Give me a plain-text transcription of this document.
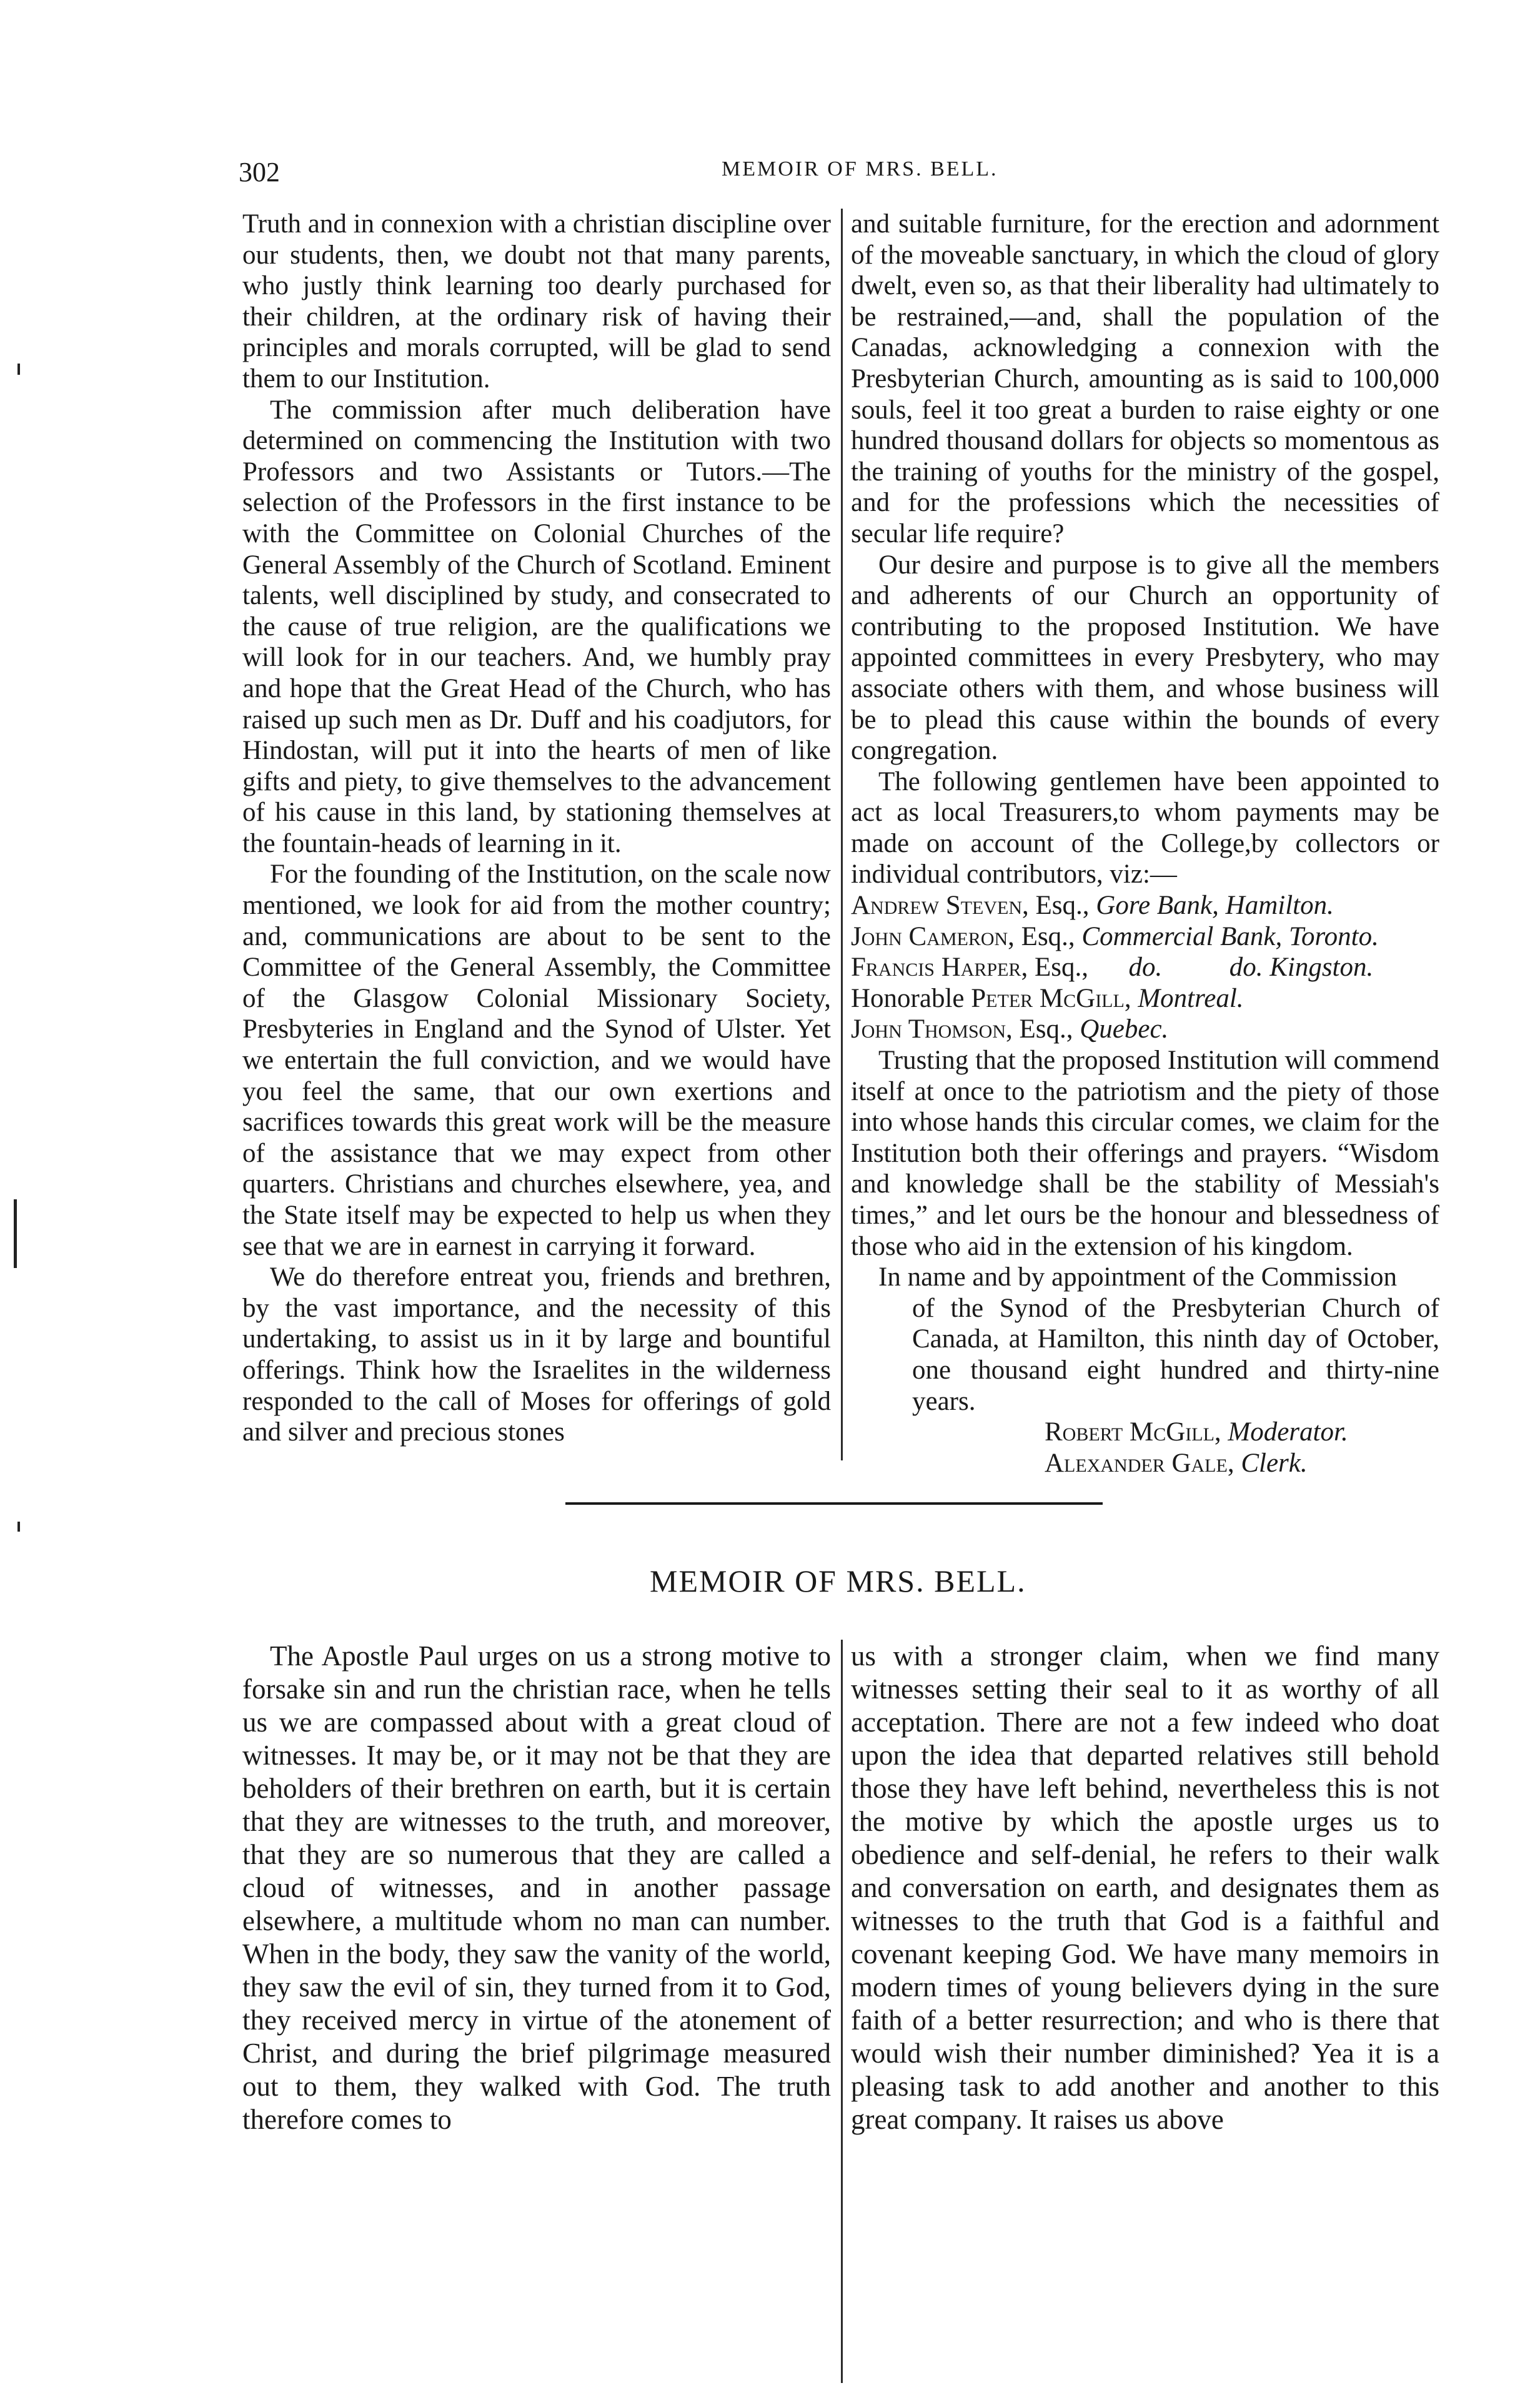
302	MEMOIR OF MRS. BELL.

Truth and in connexion with a christian discipline over our students, then, we doubt not that many parents, who justly think learning too dearly purchased for their children, at the ordinary risk of having their principles and morals corrupted, will be glad to send them to our Institution.

The commission after much deliberation have determined on commencing the Institution with two Professors and two Assistants or Tutors.—The selection of the Professors in the first instance to be with the Committee on Colonial Churches of the General Assembly of the Church of Scotland. Eminent talents, well disciplined by study, and consecrated to the cause of true religion, are the qualifications we will look for in our teachers. And, we humbly pray and hope that the Great Head of the Church, who has raised up such men as Dr. Duff and his coadjutors, for Hindostan, will put it into the hearts of men of like gifts and piety, to give themselves to the advancement of his cause in this land, by stationing themselves at the fountain-heads of learning in it.

For the founding of the Institution, on the scale now mentioned, we look for aid from the mother country; and, communications are about to be sent to the Committee of the General Assembly, the Committee of the Glasgow Colonial Missionary Society, Presbyteries in England and the Synod of Ulster. Yet we entertain the full conviction, and we would have you feel the same, that our own exertions and sacrifices towards this great work will be the measure of the assistance that we may expect from other quarters. Christians and churches elsewhere, yea, and the State itself may be expected to help us when they see that we are in earnest in carrying it forward.

We do therefore entreat you, friends and brethren, by the vast importance, and the necessity of this undertaking, to assist us in it by large and bountiful offerings. Think how the Israelites in the wilderness responded to the call of Moses for offerings of gold and silver and precious stones

and suitable furniture, for the erection and adornment of the moveable sanctuary, in which the cloud of glory dwelt, even so, as that their liberality had ultimately to be restrained,—and, shall the population of the Canadas, acknowledging a connexion with the Presbyterian Church, amounting as is said to 100,000 souls, feel it too great a burden to raise eighty or one hundred thousand dollars for objects so momentous as the training of youths for the ministry of the gospel, and for the professions which the necessities of secular life require?

Our desire and purpose is to give all the members and adherents of our Church an opportunity of contributing to the proposed Institution. We have appointed committees in every Presbytery, who may associate others with them, and whose business will be to plead this cause within the bounds of every congregation.

The following gentlemen have been appointed to act as local Treasurers,to whom payments may be made on account of the College,by collectors or individual contributors, viz:—

Andrew Steven, Esq., Gore Bank, Hamilton.
John Cameron, Esq., Commercial Bank, Toronto.
Francis Harper, Esq.,      do.          do. Kingston.
Honorable Peter McGill, Montreal.
John Thomson, Esq., Quebec.

Trusting that the proposed Institution will commend itself at once to the patriotism and the piety of those into whose hands this circular comes, we claim for the Institution both their offerings and prayers. “Wisdom and knowledge shall be the stability of Messiah's times,” and let ours be the honour and blessedness of those who aid in the extension of his kingdom.

In name and by appointment of the Commission

of the Synod of the Presbyterian Church of Canada, at Hamilton, this ninth day of October, one thousand eight hundred and thirty-nine years.

Robert McGill, Moderator.

Alexander Gale, Clerk.

MEMOIR OF MRS. BELL.

The Apostle Paul urges on us a strong motive to forsake sin and run the christian race, when he tells us we are compassed about with a great cloud of witnesses. It may be, or it may not be that they are beholders of their brethren on earth, but it is certain that they are witnesses to the truth, and moreover, that they are so numerous that they are called a cloud of witnesses, and in another passage elsewhere, a multitude whom no man can number. When in the body, they saw the vanity of the world, they saw the evil of sin, they turned from it to God, they received mercy in virtue of the atonement of Christ, and during the brief pilgrimage measured out to them, they walked with God. The truth therefore comes to

us with a stronger claim, when we find many witnesses setting their seal to it as worthy of all acceptation. There are not a few indeed who doat upon the idea that departed relatives still behold those they have left behind, nevertheless this is not the motive by which the apostle urges us to obedience and self-denial, he refers to their walk and conversation on earth, and designates them as witnesses to the truth that God is a faithful and covenant keeping God. We have many memoirs in modern times of young believers dying in the sure faith of a better resurrection; and who is there that would wish their number diminished? Yea it is a pleasing task to add another and another to this great company. It raises us above
